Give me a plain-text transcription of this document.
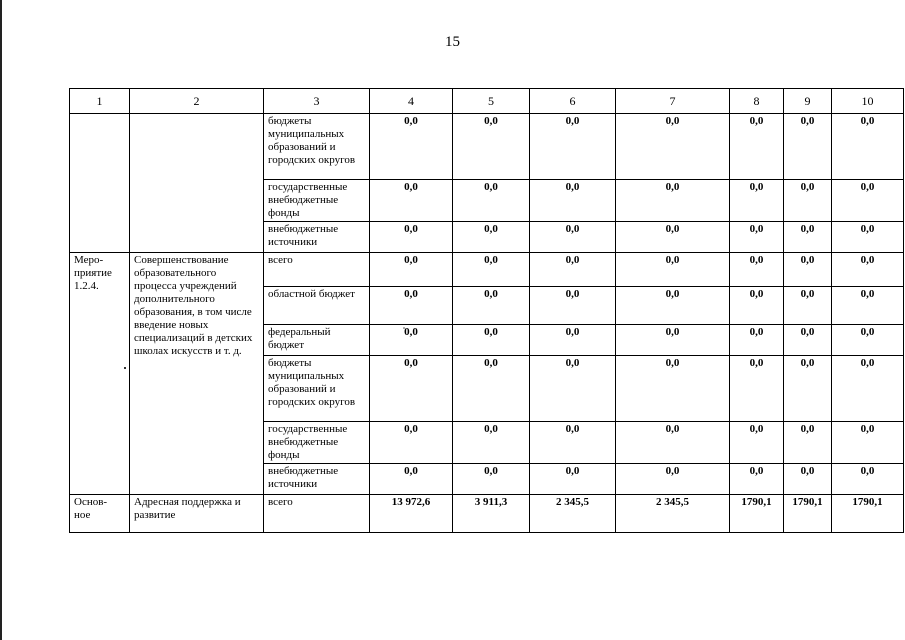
15
1	2	3	4	5	6	7	8	9	10
		бюджеты муниципальных образований и городских округов	0,0	0,0	0,0	0,0	0,0	0,0	0,0
		государственные внебюджетные фонды	0,0	0,0	0,0	0,0	0,0	0,0	0,0
		внебюджетные источники	0,0	0,0	0,0	0,0	0,0	0,0	0,0
Меро-
приятие
1.2.4.	Совершенствование образовательного процесса учреждений дополнительного образования, в том числе введение новых специализаций в детских школах искусств и т. д.	всего	0,0	0,0	0,0	0,0	0,0	0,0	0,0
		областной бюджет	0,0	0,0	0,0	0,0	0,0	0,0	0,0
		федеральный бюджет	0,0	0,0	0,0	0,0	0,0	0,0	0,0
		бюджеты муниципальных образований и городских округов	0,0	0,0	0,0	0,0	0,0	0,0	0,0
		государственные внебюджетные фонды	0,0	0,0	0,0	0,0	0,0	0,0	0,0
		внебюджетные источники	0,0	0,0	0,0	0,0	0,0	0,0	0,0
Основ-
ное	Адресная поддержка и развитие	всего	13 972,6	3 911,3	2 345,5	2 345,5	1790,1	1790,1	1790,1
